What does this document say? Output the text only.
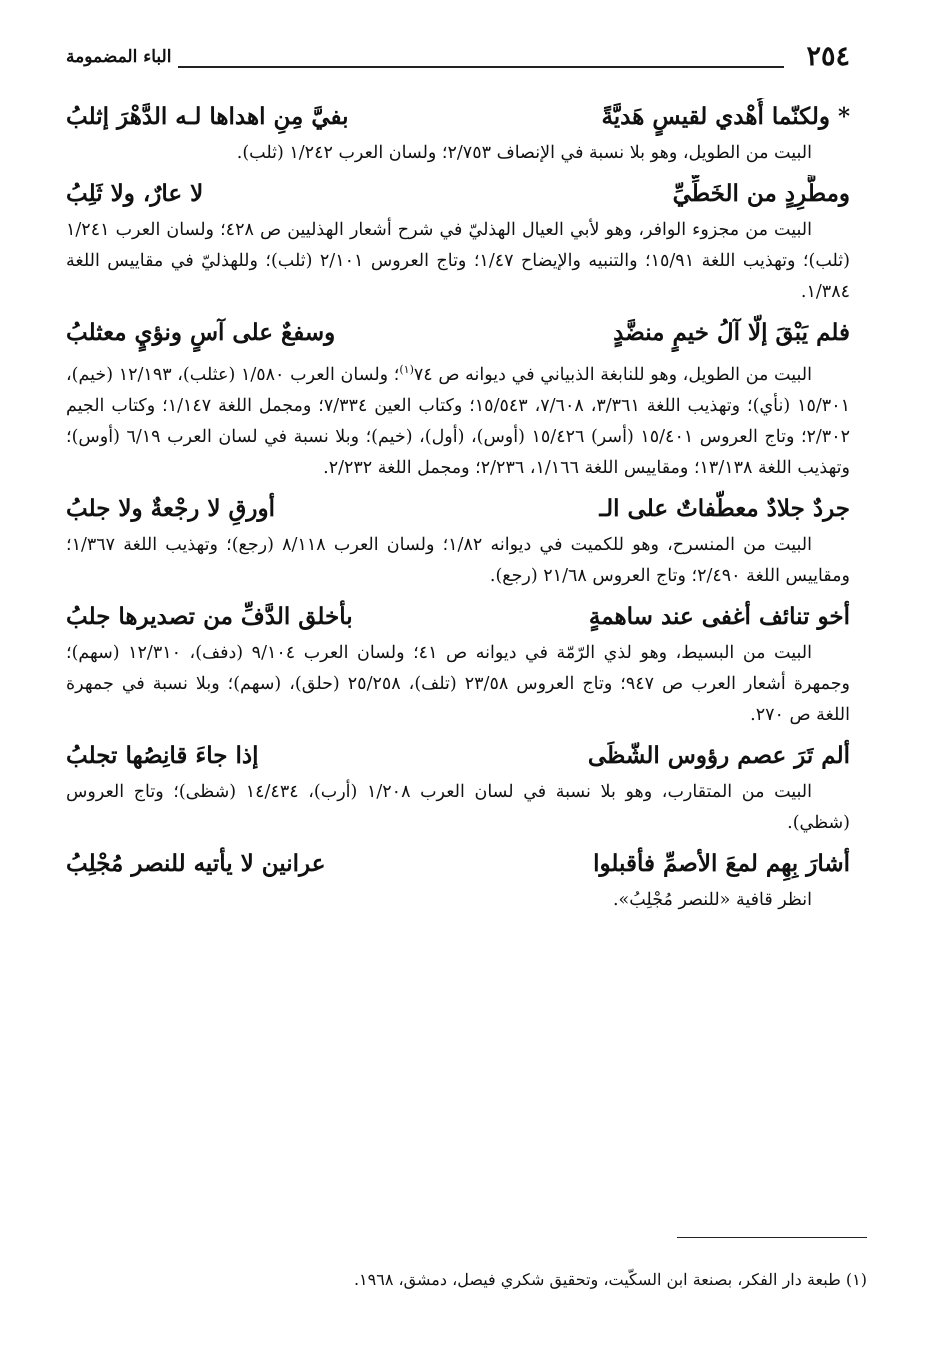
٢٥٤
الباء المضمومة
* ولكنّما أُهْدي لقيسٍ هَديَّةً
بفيَّ مِنِ اهداها لـه الدَّهْرَ إثلبُ

البيت من الطويل، وهو بلا نسبة في الإنصاف ٢/٧٥٣؛ ولسان العرب ١/٢٤٢ (ثلب).

ومطَّرِدٍ من الخَطِّيِّ
لا عارٌ، ولا ثَلِبُ

البيت من مجزوء الوافر، وهو لأبي العيال الهذليّ في شرح أشعار الهذليين ص ٤٢٨؛ ولسان العرب ١/٢٤١ (ثلب)؛ وتهذيب اللغة ١٥/٩١؛ والتنبيه والإيضاح ١/٤٧؛ وتاج العروس ٢/١٠١ (ثلب)؛ وللهذليّ في مقاييس اللغة ١/٣٨٤.

فلم يَبْقَ إلّا آلُ خيمٍ منضَّدٍ
وسفعٌ على آسٍ ونؤيٍ معثلبُ

البيت من الطويل، وهو للنابغة الذبياني في ديوانه ص ٧٤$^{(١)}$؛ ولسان العرب ١/٥٨٠ (عثلب)، ١٢/١٩٣ (خيم)، ١٥/٣٠١ (نأي)؛ وتهذيب اللغة ٣/٣٦١، ٧/٦٠٨، ١٥/٥٤٣؛ وكتاب العين ٧/٣٣٤؛ ومجمل اللغة ١/١٤٧؛ وكتاب الجيم ٢/٣٠٢؛ وتاج العروس ١٥/٤٠١ (أسر) ١٥/٤٢٦ (أوس)، (أول)، (خيم)؛ وبلا نسبة في لسان العرب ٦/١٩ (أوس)؛ وتهذيب اللغة ١٣/١٣٨؛ ومقاييس اللغة ١/١٦٦، ٢/٢٣٦؛ ومجمل اللغة ٢/٢٣٢.

جردٌ جلادٌ معطّفاتٌ على الـ
أورقِ لا رجْعةٌ ولا جلبُ

البيت من المنسرح، وهو للكميت في ديوانه ١/٨٢؛ ولسان العرب ٨/١١٨ (رجع)؛ وتهذيب اللغة ١/٣٦٧؛ ومقاييس اللغة ٢/٤٩٠؛ وتاج العروس ٢١/٦٨ (رجع).

أخو تنائف أغفى عند ساهمةٍ
بأخلق الدَّفِّ من تصديرها جلبُ

البيت من البسيط، وهو لذي الرّمّة في ديوانه ص ٤١؛ ولسان العرب ٩/١٠٤ (دفف)، ١٢/٣١٠ (سهم)؛ وجمهرة أشعار العرب ص ٩٤٧؛ وتاج العروس ٢٣/٥٨ (تلف)، ٢٥/٢٥٨ (حلق)، (سهم)؛ وبلا نسبة في جمهرة اللغة ص ٢٧٠.

ألم تَرَ عصم رؤوس الشّظَى
إذا جاءَ قانِصُها تجلبُ

البيت من المتقارب، وهو بلا نسبة في لسان العرب ١/٢٠٨ (أرب)، ١٤/٤٣٤ (شظى)؛ وتاج العروس (شظي).

أشارَ بِهِم لمعَ الأصمِّ فأقبلوا
عرانين لا يأتيه للنصر مُجْلِبُ

انظر قافية «للنصر مُجْلِبُ».

(١) طبعة دار الفكر، بصنعة ابن السكّيت، وتحقيق شكري فيصل، دمشق، ١٩٦٨.
